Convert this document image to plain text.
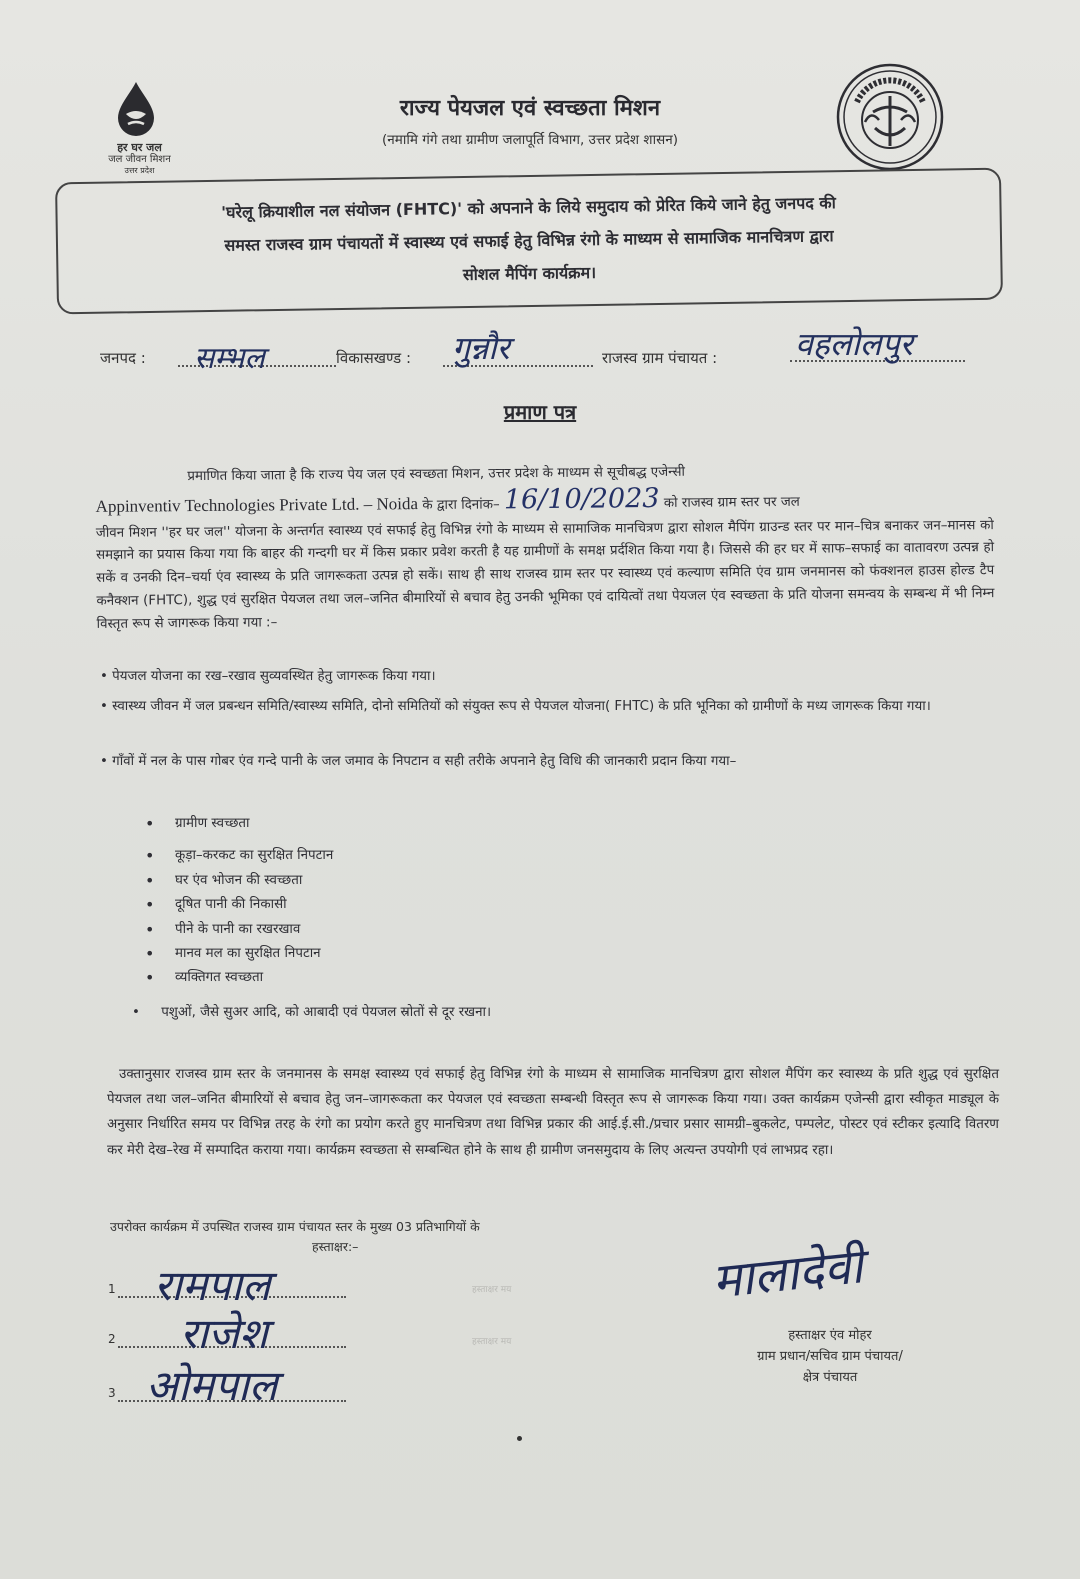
हर घर जल
जल जीवन मिशन
उत्तर प्रदेश
राज्य पेयजल एवं स्वच्छता मिशन
(नमामि गंगे तथा ग्रामीण जलापूर्ति विभाग, उत्तर प्रदेश शासन)
'घरेलू क्रियाशील नल संयोजन (FHTC)' को अपनाने के लिये समुदाय को प्रेरित किये जाने हेतु जनपद की
समस्त राजस्व ग्राम पंचायतों में स्वास्थ्य एवं सफाई हेतु विभिन्न रंगो के माध्यम से सामाजिक मानचित्रण द्वारा
सोशल मैपिंग कार्यक्रम।
जनपद : सम्भल	विकासखण्ड : गुन्नौर	राजस्व ग्राम पंचायत : वहलोलपुर
प्रमाण पत्र
प्रमाणित किया जाता है कि राज्य पेय जल एवं स्वच्छता मिशन, उत्तर प्रदेश के माध्यम से सूचीबद्ध एजेन्सी
Appinventiv Technologies Private Ltd. – Noida के द्वारा दिनांक– 16/10/2023 को राजस्व ग्राम स्तर पर जल
जीवन मिशन ''हर घर जल'' योजना के अन्तर्गत स्वास्थ्य एवं सफाई हेतु विभिन्न रंगो के माध्यम से सामाजिक मानचित्रण द्वारा सोशल मैपिंग ग्राउन्ड स्तर पर मान–चित्र बनाकर जन–मानस को समझाने का प्रयास किया गया कि बाहर की गन्दगी घर में किस प्रकार प्रवेश करती है यह ग्रामीणों के समक्ष प्रर्दशित किया गया है। जिससे की हर घर में साफ–सफाई का वातावरण उत्पन्न हो सकें व उनकी दिन–चर्या एंव स्वास्थ्य के प्रति जागरूकता उत्पन्न हो सकें। साथ ही साथ राजस्व ग्राम स्तर पर स्वास्थ्य एवं कल्याण समिति एंव ग्राम जनमानस को फंक्शनल हाउस होल्ड टैप कनैक्शन (FHTC), शुद्ध एवं सुरक्षित पेयजल तथा जल–जनित बीमारियों से बचाव हेतु उनकी भूमिका एवं दायित्वों तथा पेयजल एंव स्वच्छता के प्रति योजना समन्वय के सम्बन्ध में भी निम्न विस्तृत रूप से जागरूक किया गया :–
• पेयजल योजना का रख–रखाव सुव्यवस्थित हेतु जागरूक किया गया।
• स्वास्थ्य जीवन में जल प्रबन्धन समिति/स्वास्थ्य समिति, दोनो समितियों को संयुक्त रूप से पेयजल योजना( FHTC) के प्रति भूनिका को ग्रामीणों के मध्य जागरूक किया गया।
• गाँवों में नल के पास गोबर एंव गन्दे पानी के जल जमाव के निपटान व सही तरीके अपनाने हेतु विधि की जानकारी प्रदान किया गया–
• ग्रामीण स्वच्छता
• कूड़ा–करकट का सुरक्षित निपटान
• घर एंव भोजन की स्वच्छता
• दूषित पानी की निकासी
• पीने के पानी का रखरखाव
• मानव मल का सुरक्षित निपटान
• व्यक्तिगत स्वच्छता
•     पशुओं, जैसे सुअर आदि, को आबादी एवं पेयजल स्रोतों से दूर रखना।
उक्तानुसार राजस्व ग्राम स्तर के जनमानस के समक्ष स्वास्थ्य एवं सफाई हेतु विभिन्न रंगो के माध्यम से सामाजिक मानचित्रण द्वारा सोशल मैपिंग कर स्वास्थ्य के प्रति शुद्ध एवं सुरक्षित पेयजल तथा जल–जनित बीमारियों से बचाव हेतु जन–जागरूकता कर पेयजल एवं स्वच्छता सम्बन्धी विस्तृत रूप से जागरूक किया गया। उक्त कार्यक्रम एजेन्सी द्वारा स्वीकृत माड्यूल के अनुसार निर्धारित समय पर विभिन्न तरह के रंगो का प्रयोग करते हुए मानचित्रण तथा विभिन्न प्रकार की आई.ई.सी./प्रचार प्रसार सामग्री–बुकलेट, पम्पलेट, पोस्टर एवं स्टीकर इत्यादि वितरण कर मेरी देख–रेख में सम्पादित कराया गया। कार्यक्रम स्वच्छता से सम्बन्धित होने के साथ ही ग्रामीण जनसमुदाय के लिए अत्यन्त उपयोगी एवं लाभप्रद रहा।
उपरोक्त कार्यक्रम में उपस्थित राजस्व ग्राम पंचायत स्तर के मुख्य 03 प्रतिभागियों के
हस्ताक्षर:–
1 रामपाल
2 राजेश
3 ओमपाल
हस्ताक्षर मय
हस्ताक्षर मय
मालादेवी
हस्ताक्षर एंव मोहर
ग्राम प्रधान/सचिव ग्राम पंचायत/
क्षेत्र पंचायत
